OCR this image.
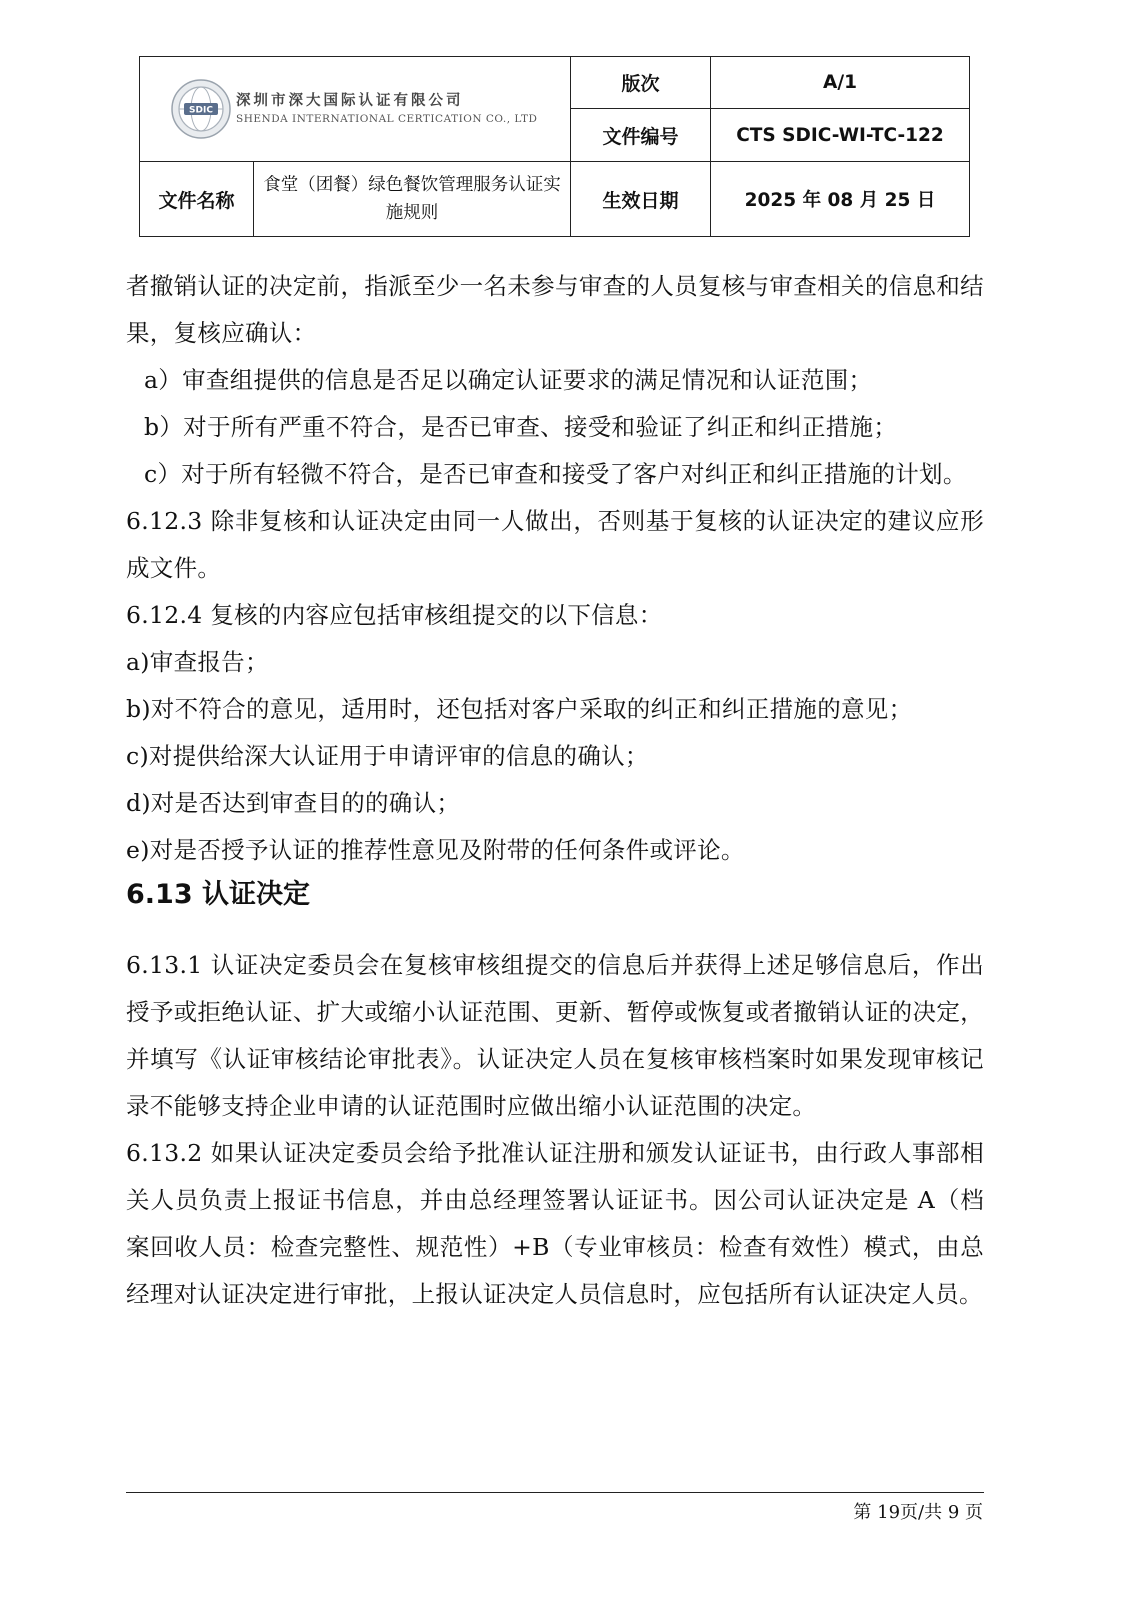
SDIC
深圳市深大国际认证有限公司
SHENDA INTERNATIONAL CERTICATION CO., LTD		版次	A/1
		文件编号	CTS SDIC-WI-TC-122
文件名称	食堂（团餐）绿色餐饮管理服务认证实施规则	生效日期	2025 年 08 月 25 日

者撤销认证的决定前，指派至少一名未参与审查的人员复核与审查相关的信息和结果，复核应确认：

a）审查组提供的信息是否足以确定认证要求的满足情况和认证范围；

b）对于所有严重不符合，是否已审查、接受和验证了纠正和纠正措施；

c）对于所有轻微不符合，是否已审查和接受了客户对纠正和纠正措施的计划。

6.12.3 除非复核和认证决定由同一人做出，否则基于复核的认证决定的建议应形成文件。

6.12.4 复核的内容应包括审核组提交的以下信息：

a)审查报告；

b)对不符合的意见，适用时，还包括对客户采取的纠正和纠正措施的意见；

c)对提供给深大认证用于申请评审的信息的确认；

d)对是否达到审查目的的确认；

e)对是否授予认证的推荐性意见及附带的任何条件或评论。

6.13 认证决定

6.13.1 认证决定委员会在复核审核组提交的信息后并获得上述足够信息后，作出授予或拒绝认证、扩大或缩小认证范围、更新、暂停或恢复或者撤销认证的决定，并填写《认证审核结论审批表》。认证决定人员在复核审核档案时如果发现审核记录不能够支持企业申请的认证范围时应做出缩小认证范围的决定。

6.13.2 如果认证决定委员会给予批准认证注册和颁发认证证书，由行政人事部相关人员负责上报证书信息，并由总经理签署认证证书。因公司认证决定是 A（档案回收人员：检查完整性、规范性）+B（专业审核员：检查有效性）模式，由总经理对认证决定进行审批，上报认证决定人员信息时，应包括所有认证决定人员。

第 19页/共 9 页
